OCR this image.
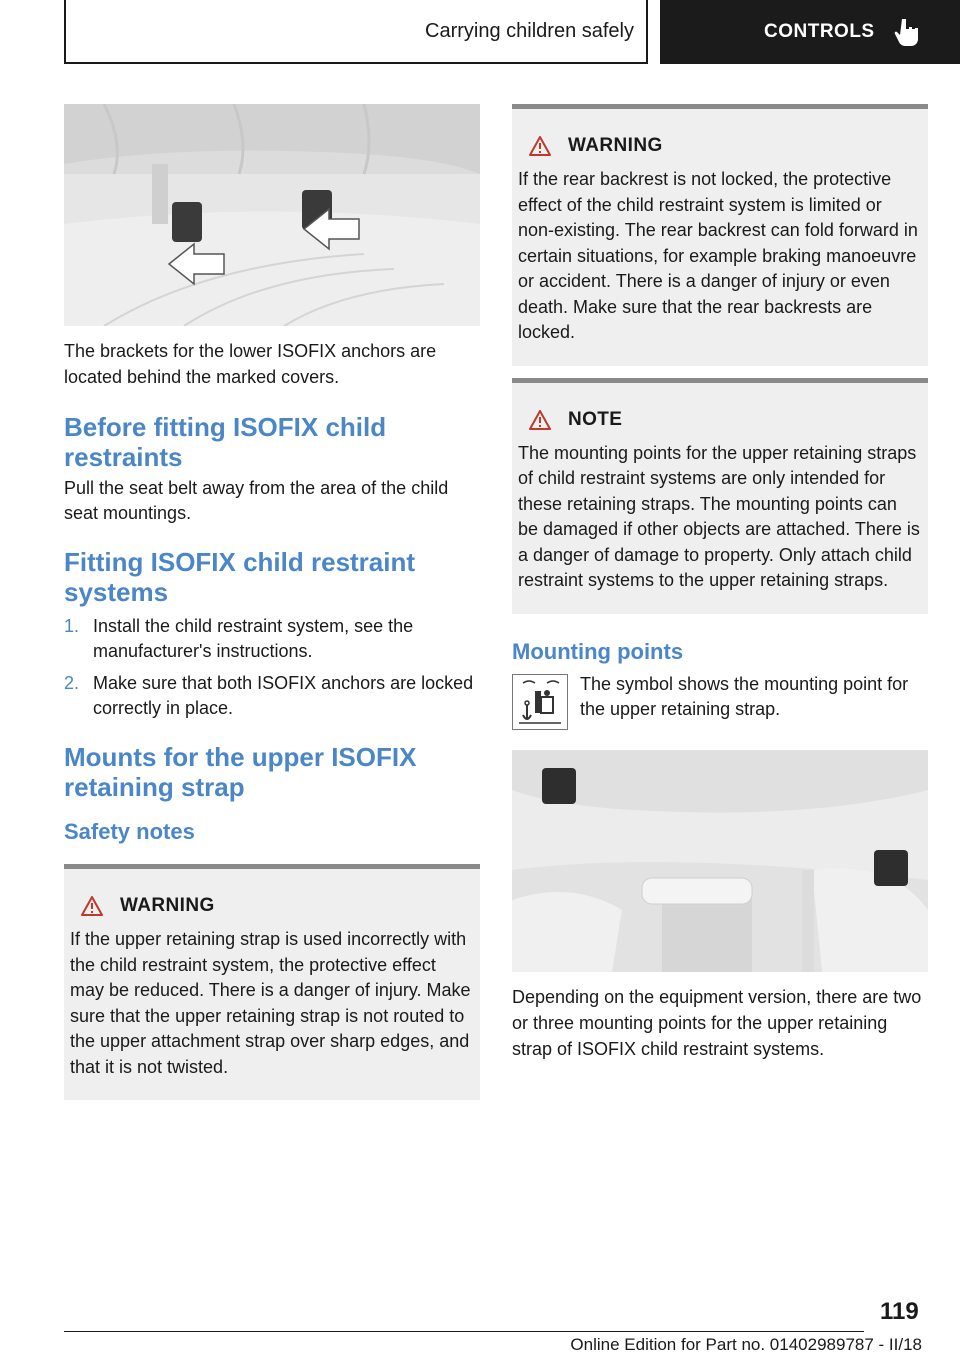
Carrying children safely	CONTROLS

The brackets for the lower ISOFIX anchors are located behind the marked covers.

Before fitting ISOFIX child restraints

Pull the seat belt away from the area of the child seat mountings.

Fitting ISOFIX child restraint systems
1. Install the child restraint system, see the manufacturer's instructions.
2. Make sure that both ISOFIX anchors are locked correctly in place.
Mounts for the upper ISOFIX retaining strap
Safety notes
WARNING

If the upper retaining strap is used incorrectly with the child restraint system, the protective effect may be reduced. There is a danger of injury. Make sure that the upper retaining strap is not routed to the upper attachment strap over sharp edges, and that it is not twisted.

WARNING

If the rear backrest is not locked, the protective effect of the child restraint system is limited or non-existing. The rear backrest can fold forward in certain situations, for example braking manoeuvre or accident. There is a danger of injury or even death. Make sure that the rear backrests are locked.

NOTE

The mounting points for the upper retaining straps of child restraint systems are only intended for these retaining straps. The mounting points can be damaged if other objects are attached. There is a danger of damage to property. Only attach child restraint systems to the upper retaining straps.

Mounting points

The symbol shows the mounting point for the upper retaining strap.

Depending on the equipment version, there are two or three mounting points for the upper retaining strap of ISOFIX child restraint systems.

119
Online Edition for Part no. 01402989787 - II/18
